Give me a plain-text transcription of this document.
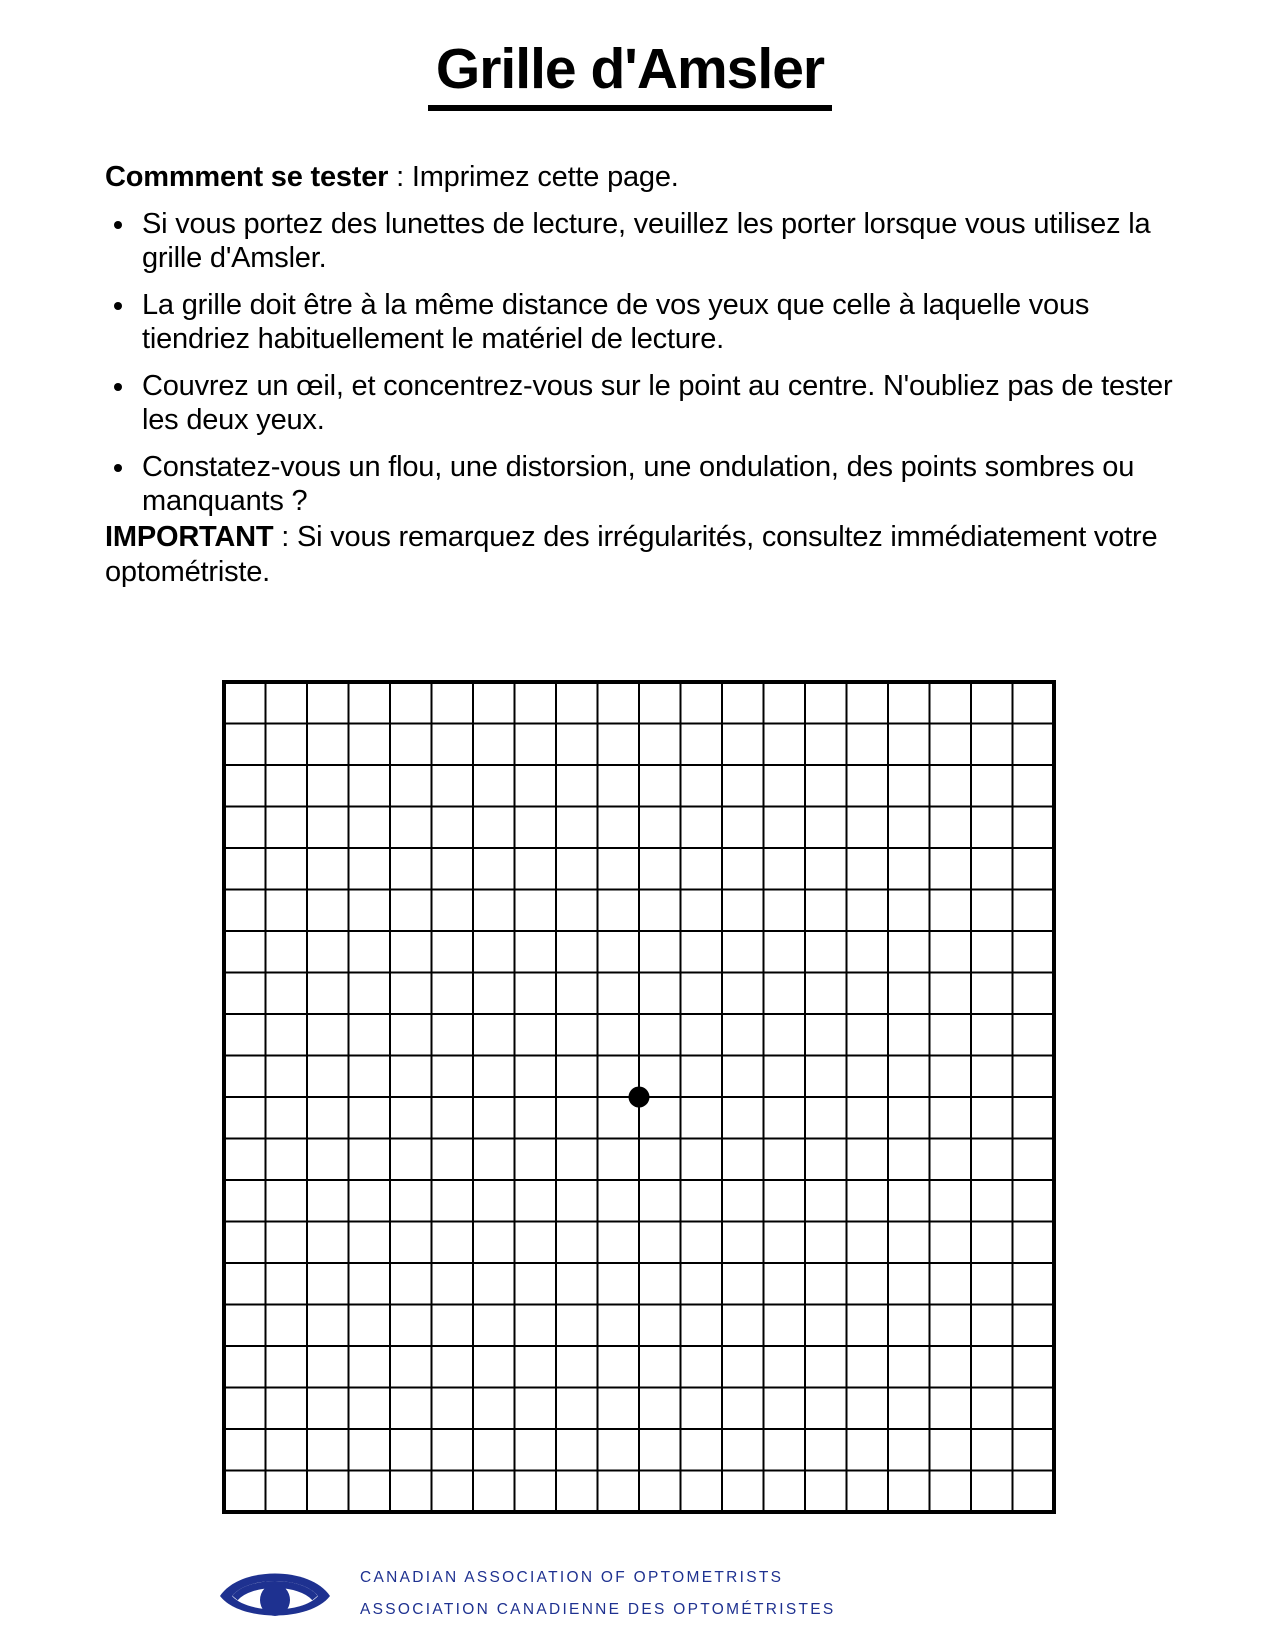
Grille d'Amsler

Commment se tester : Imprimez cette page.

Si vous portez des lunettes de lecture, veuillez les porter lorsque vous utilisez la grille d'Amsler.
La grille doit être à la même distance de vos yeux que celle à laquelle vous tiendriez habituellement le matériel de lecture.
Couvrez un œil, et concentrez-vous sur le point au centre. N'oubliez pas de tester les deux yeux.
Constatez-vous un flou, une distorsion, une ondulation, des points sombres ou manquants ?

IMPORTANT : Si vous remarquez des irrégularités, consultez immédiatement votre optométriste.

CANADIAN ASSOCIATION OF OPTOMETRISTS
ASSOCIATION CANADIENNE DES OPTOMÉTRISTES
